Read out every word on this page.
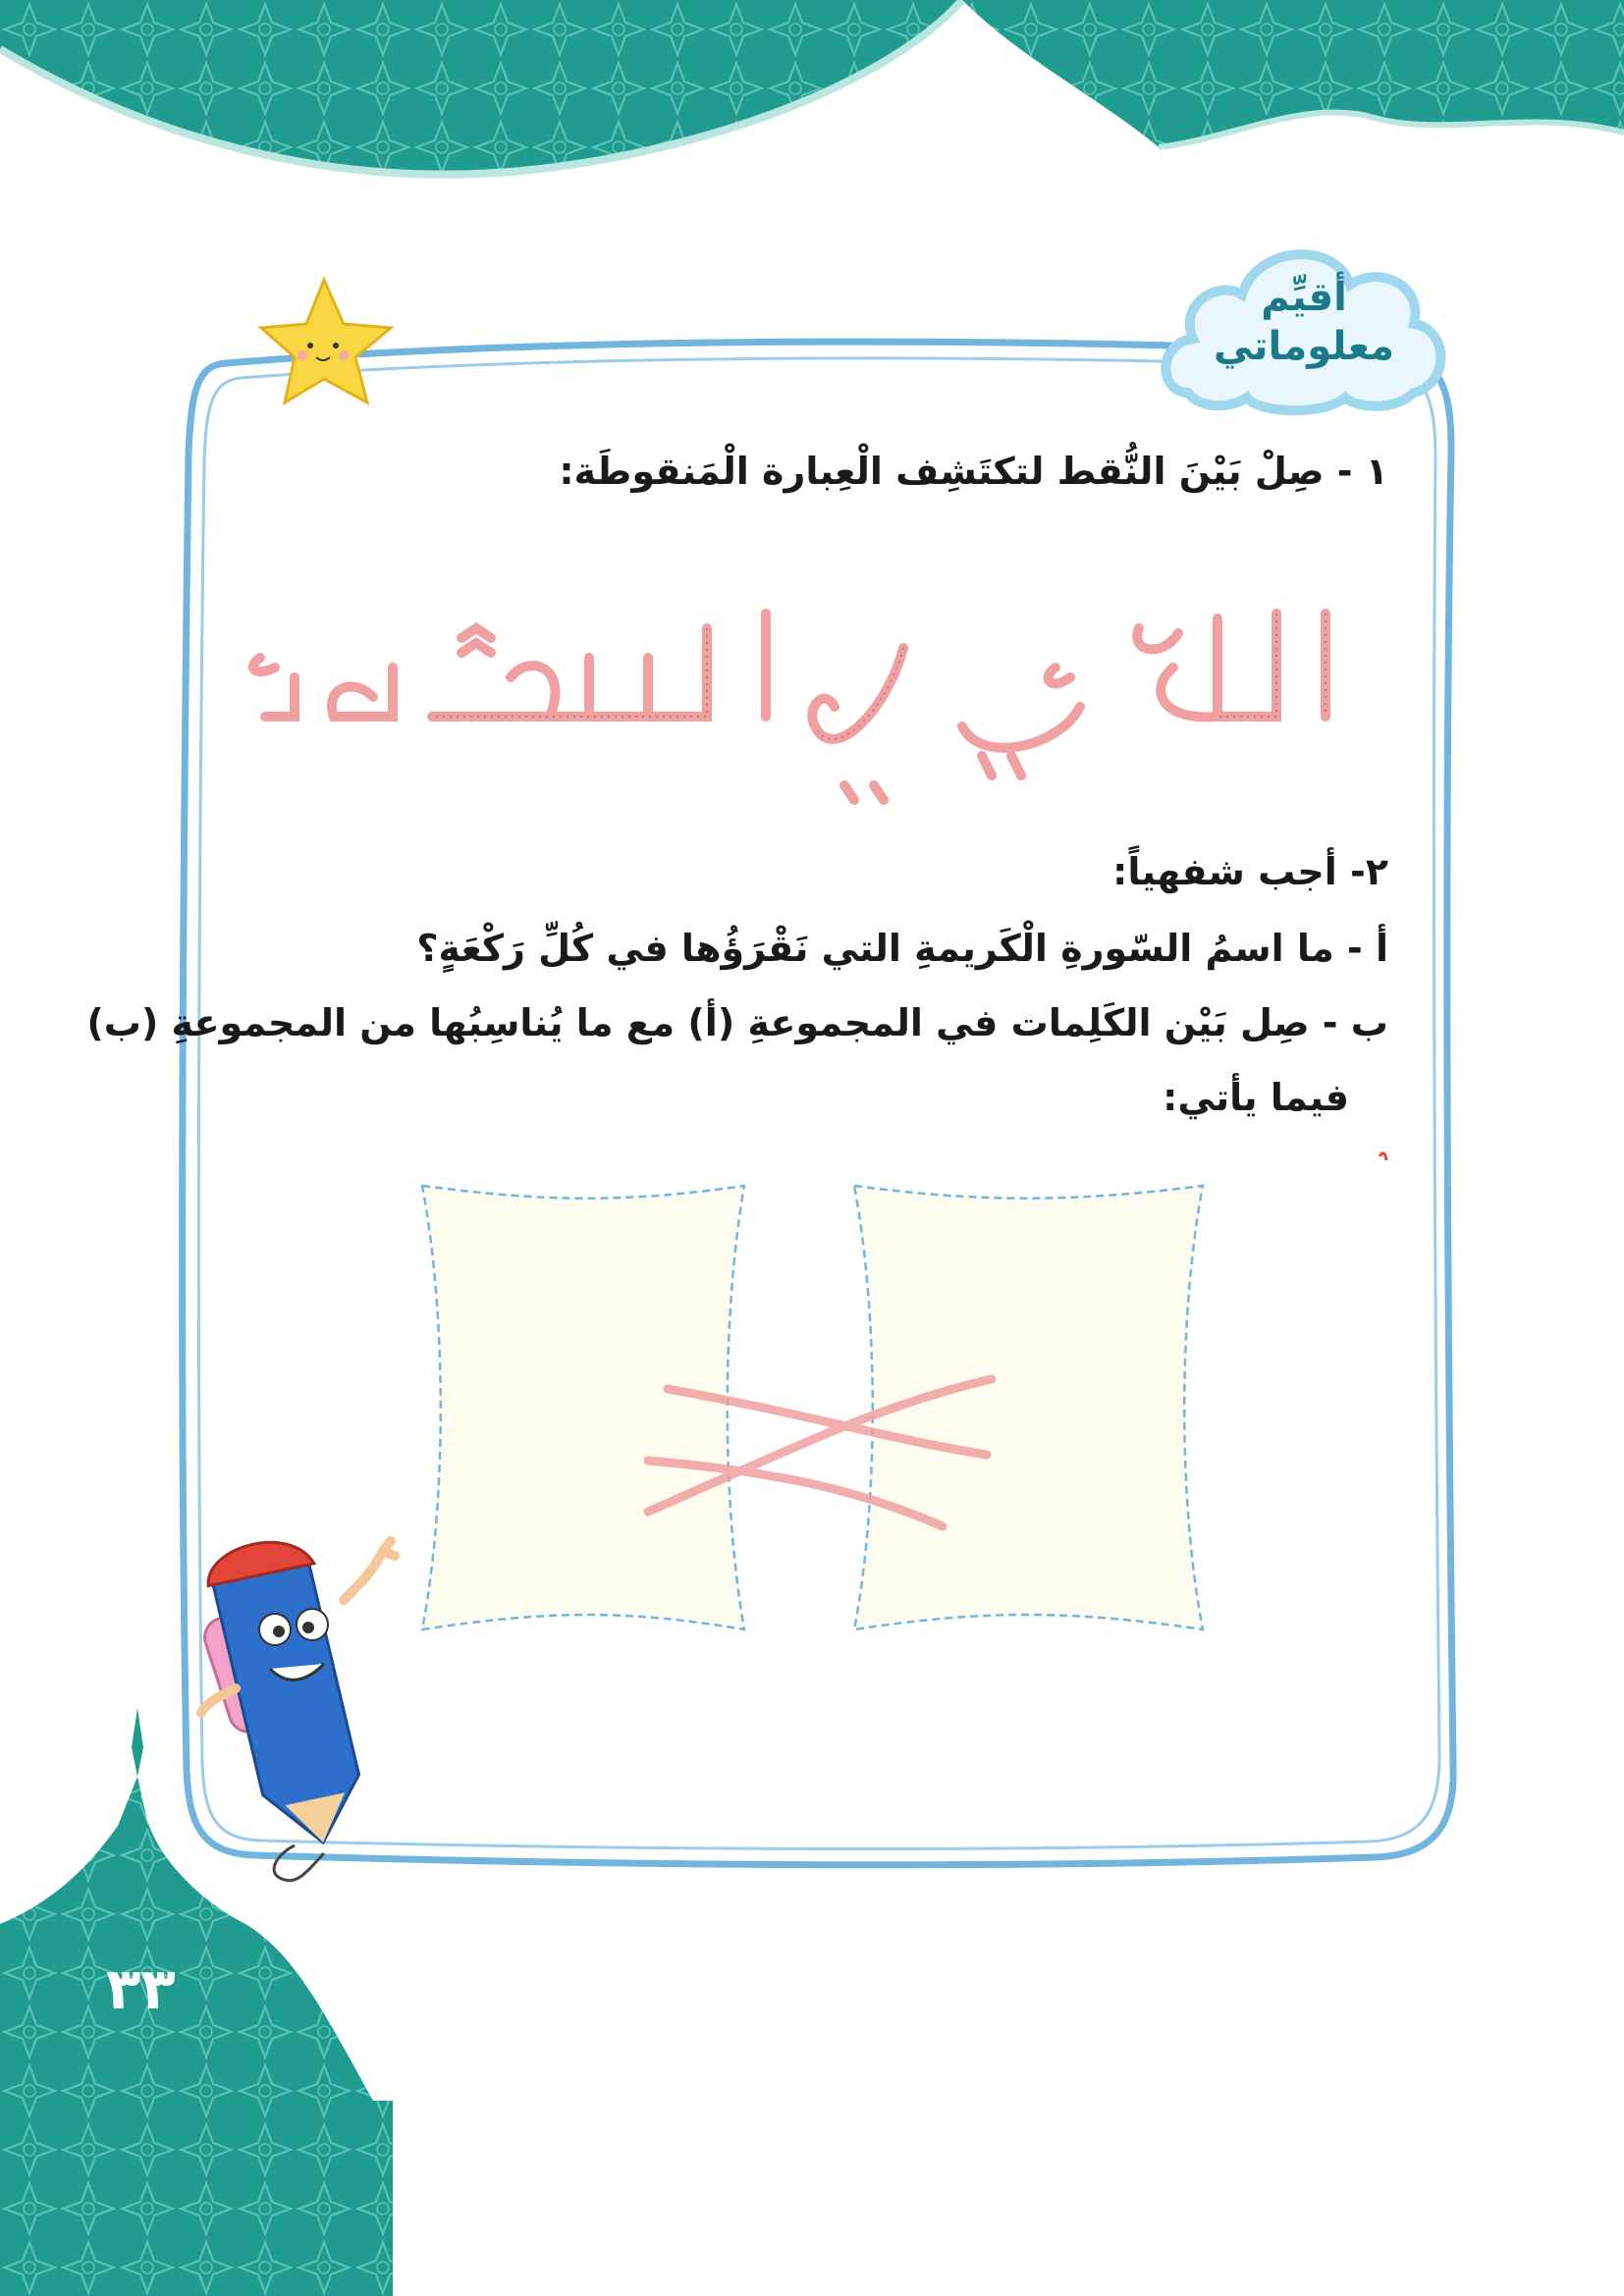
أقيِّم
معلوماتي
١ - صِلْ بَيْنَ النُّقط لتكتَشِف الْعِبارة الْمَنقوطَة:
٢- أجب شفهياً:
أ - ما اسمُ السّورةِ الْكَريمةِ التي نَقْرَؤُها في كُلِّ رَكْعَةٍ؟
ب - صِل بَيْن الكَلِمات في المجموعةِ (أ) مع ما يُناسِبُها من المجموعةِ (ب)
فيما يأتي:
٣٣
